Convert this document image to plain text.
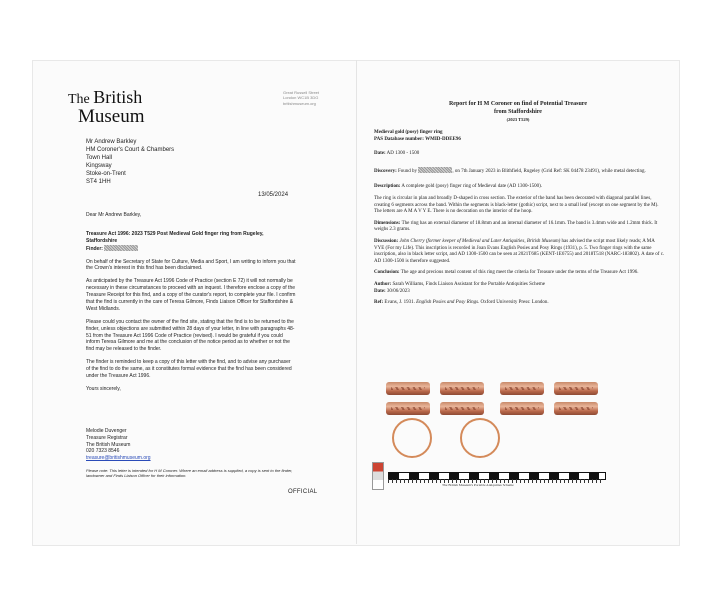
The British
Museum
Great Russell Street
London WC1B 3DG
britishmuseum.org
Mr Andrew Barkley
HM Coroner's Court & Chambers
Town Hall
Kingsway
Stoke-on-Trent
ST4 1HH
13/05/2024

Dear Mr Andrew Barkley,

Treasure Act 1996: 2023 T529 Post Medieval Gold finger ring from Rugeley, Staffordshire
Finder:

On behalf of the Secretary of State for Culture, Media and Sport, I am writing to inform you that the Crown's interest in this find has been disclaimed.

As anticipated by the Treasure Act 1996 Code of Practice (section E 72) it will not normally be necessary in these circumstances to proceed with an inquest. I therefore enclose a copy of the Treasure Receipt for this find, and a copy of the curator's report, to complete your file. I confirm that the find is currently in the care of Teresa Gilmore, Finds Liaison Officer for Staffordshire & West Midlands.

Please could you contact the owner of the find site, stating that the find is to be returned to the finder, unless objections are submitted within 28 days of your letter, in line with paragraphs 48-51 from the Treasure Act 1996 Code of Practice (revised). I would be grateful if you could inform Teresa Gilmore and me at the conclusion of the notice period as to whether or not the find may be released to the finder.

The finder is reminded to keep a copy of this letter with the find, and to advise any purchaser of the find to do the same, as it constitutes formal evidence that the find has been considered under the Treasure Act 1996.

Yours sincerely,

Melodie Duvenger
Treasure Registrar
The British Museum
020 7323 8546
treasure@britishmuseum.org
Please note: This letter is intended for H M Coroner. Where an email address is supplied, a copy is sent to the finder, landowner and Finds Liaison Officer for their information.
OFFICIAL
Report for H M Coroner on find of Potential Treasure
from Staffordshire
(2023 T529)
Medieval gold (posy) finger ring
PAS Database number: WMID-DDEE96

Date: AD 1300 - 1500

Discovery: Found by	, on 7th January 2023 in Blithfield, Rugeley (Grid Ref: SK 04478 23491), while metal detecting.

Description: A complete gold (posy) finger ring of Medieval date (AD 1300-1500).

The ring is circular in plan and broadly D-shaped in cross section. The exterior of the band has been decorated with diagonal parallel lines, creating 6 segments across the band. Within the segments is black-letter (gothic) script, next to a small leaf (except on one segment by the M). The letters are A M A V Y E. There is no decoration on the interior of the hoop.

Dimensions: The ring has an external diameter of 18.8mm and an internal diameter of 16.1mm. The band is 3.4mm wide and 1.2mm thick. It weighs 2.3 grams.

Discussion: John Cherry (former keeper of Medieval and Later Antiquities, British Museum) has advised the script most likely reads; A MA VYE (For my Life). This inscription is recorded in Joan Evans English Posies and Posy Rings (1931), p. 5. Two finger rings with the same inscription, also in black letter script, and AD 1300-1500 can be seen at 2021T685 (KENT-1E6755) and 2018T518 (NARC-183802). A date of c. AD 1300-1500 is therefore suggested.

Conclusion: The age and precious metal content of this ring meet the criteria for Treasure under the terms of the Treasure Act 1996.

Author: Sarah Williams, Finds Liaison Assistant for the Portable Antiquities Scheme

Date: 30/06/2023

Ref: Evans, J. 1931. English Posies and Posy Rings. Oxford University Press: London.

The British Museum's Portable Antiquities Scheme
